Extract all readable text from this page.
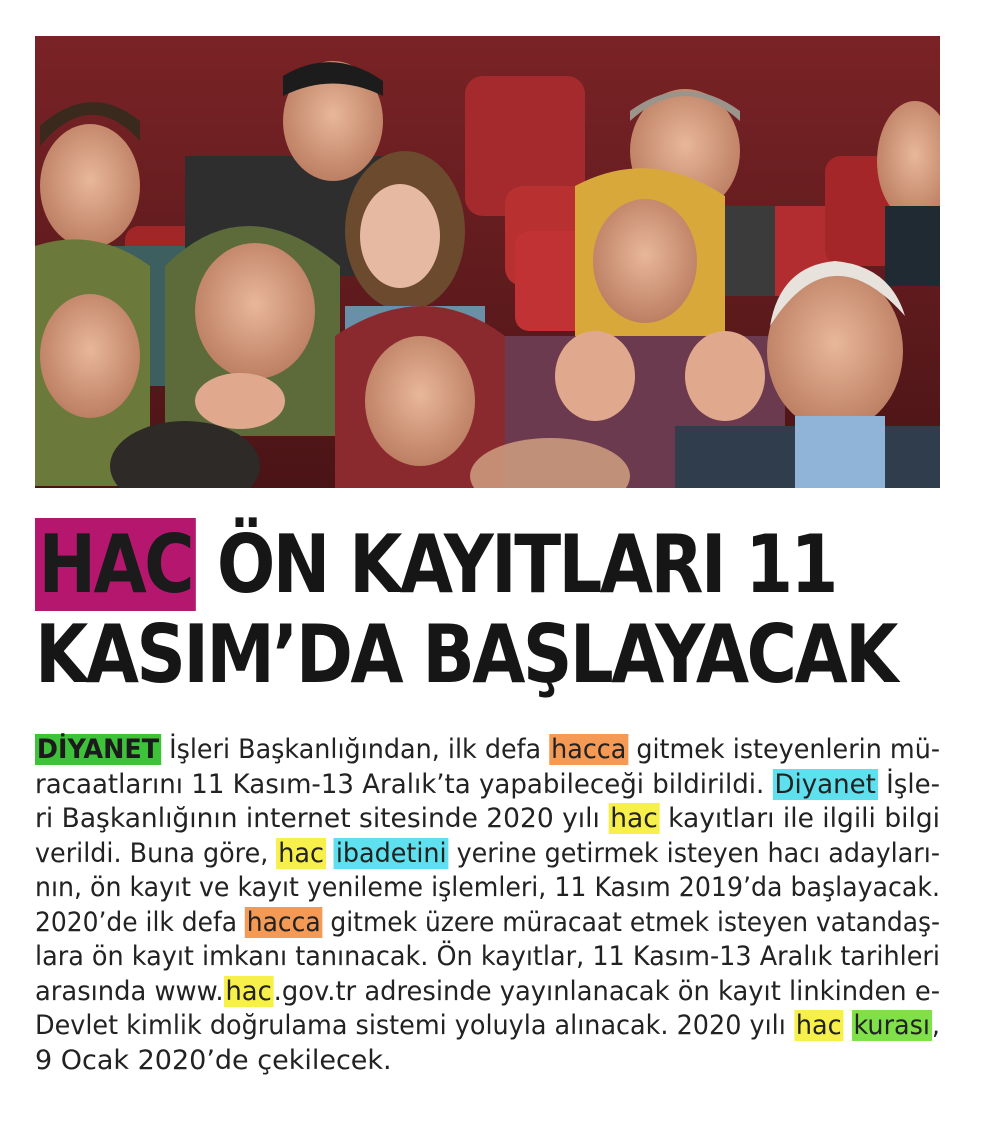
HAC ÖN KAYITLARI 11
KASIM’DA BAŞLAYACAK
DİYANET İşleri Başkanlığından, ilk defa hacca gitmek isteyenlerin mü-
racaatlarını 11 Kasım-13 Aralık’ta yapabileceği bildirildi. Diyanet İşle-
ri Başkanlığının internet sitesinde 2020 yılı hac kayıtları ile ilgili bilgi
verildi. Buna göre, hac ibadetini yerine getirmek isteyen hacı adayları-
nın, ön kayıt ve kayıt yenileme işlemleri, 11 Kasım 2019’da başlayacak.
2020’de ilk defa hacca gitmek üzere müracaat etmek isteyen vatandaş-
lara ön kayıt imkanı tanınacak. Ön kayıtlar, 11 Kasım-13 Aralık tarihleri
arasında www.hac.gov.tr adresinde yayınlanacak ön kayıt linkinden e-
Devlet kimlik doğrulama sistemi yoluyla alınacak. 2020 yılı hac kurası,
9 Ocak 2020’de çekilecek.
